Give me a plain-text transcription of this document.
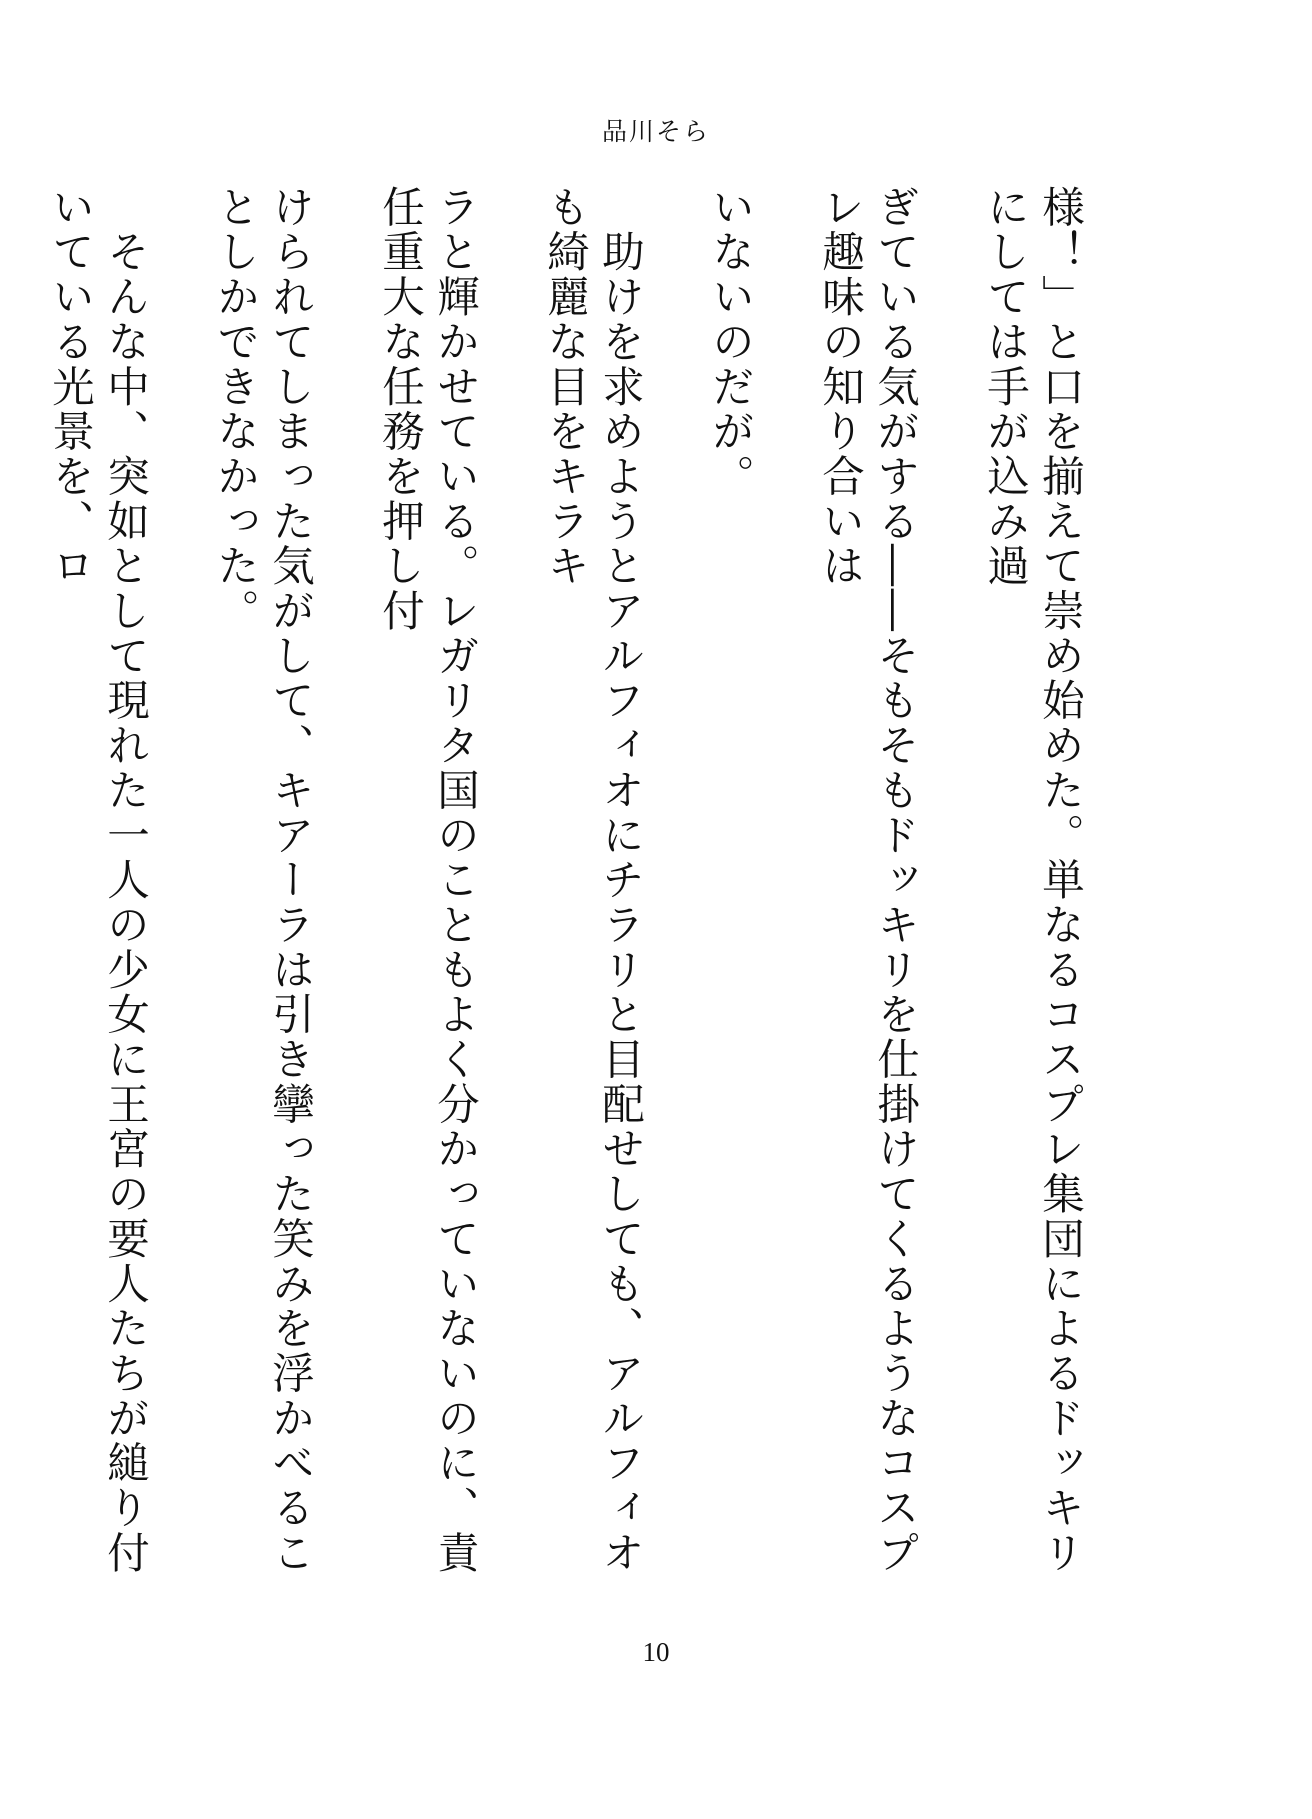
品川そら

様！」と口を揃えて崇め始めた。単なるコスプレ集団によるドッキリにしては手が込み過

ぎている気がする――そもそもドッキリを仕掛けてくるようなコスプレ趣味の知り合いは

いないのだが。

　助けを求めようとアルフィオにチラリと目配せしても、アルフィオも綺麗な目をキラキ

ラと輝かせている。レガリタ国のこともよく分かっていないのに、責任重大な任務を押し付

けられてしまった気がして、キアーラは引き攣った笑みを浮かべることしかできなかった。

　そんな中、突如として現れた一人の少女に王宮の要人たちが縋り付いている光景を、ロ

10
